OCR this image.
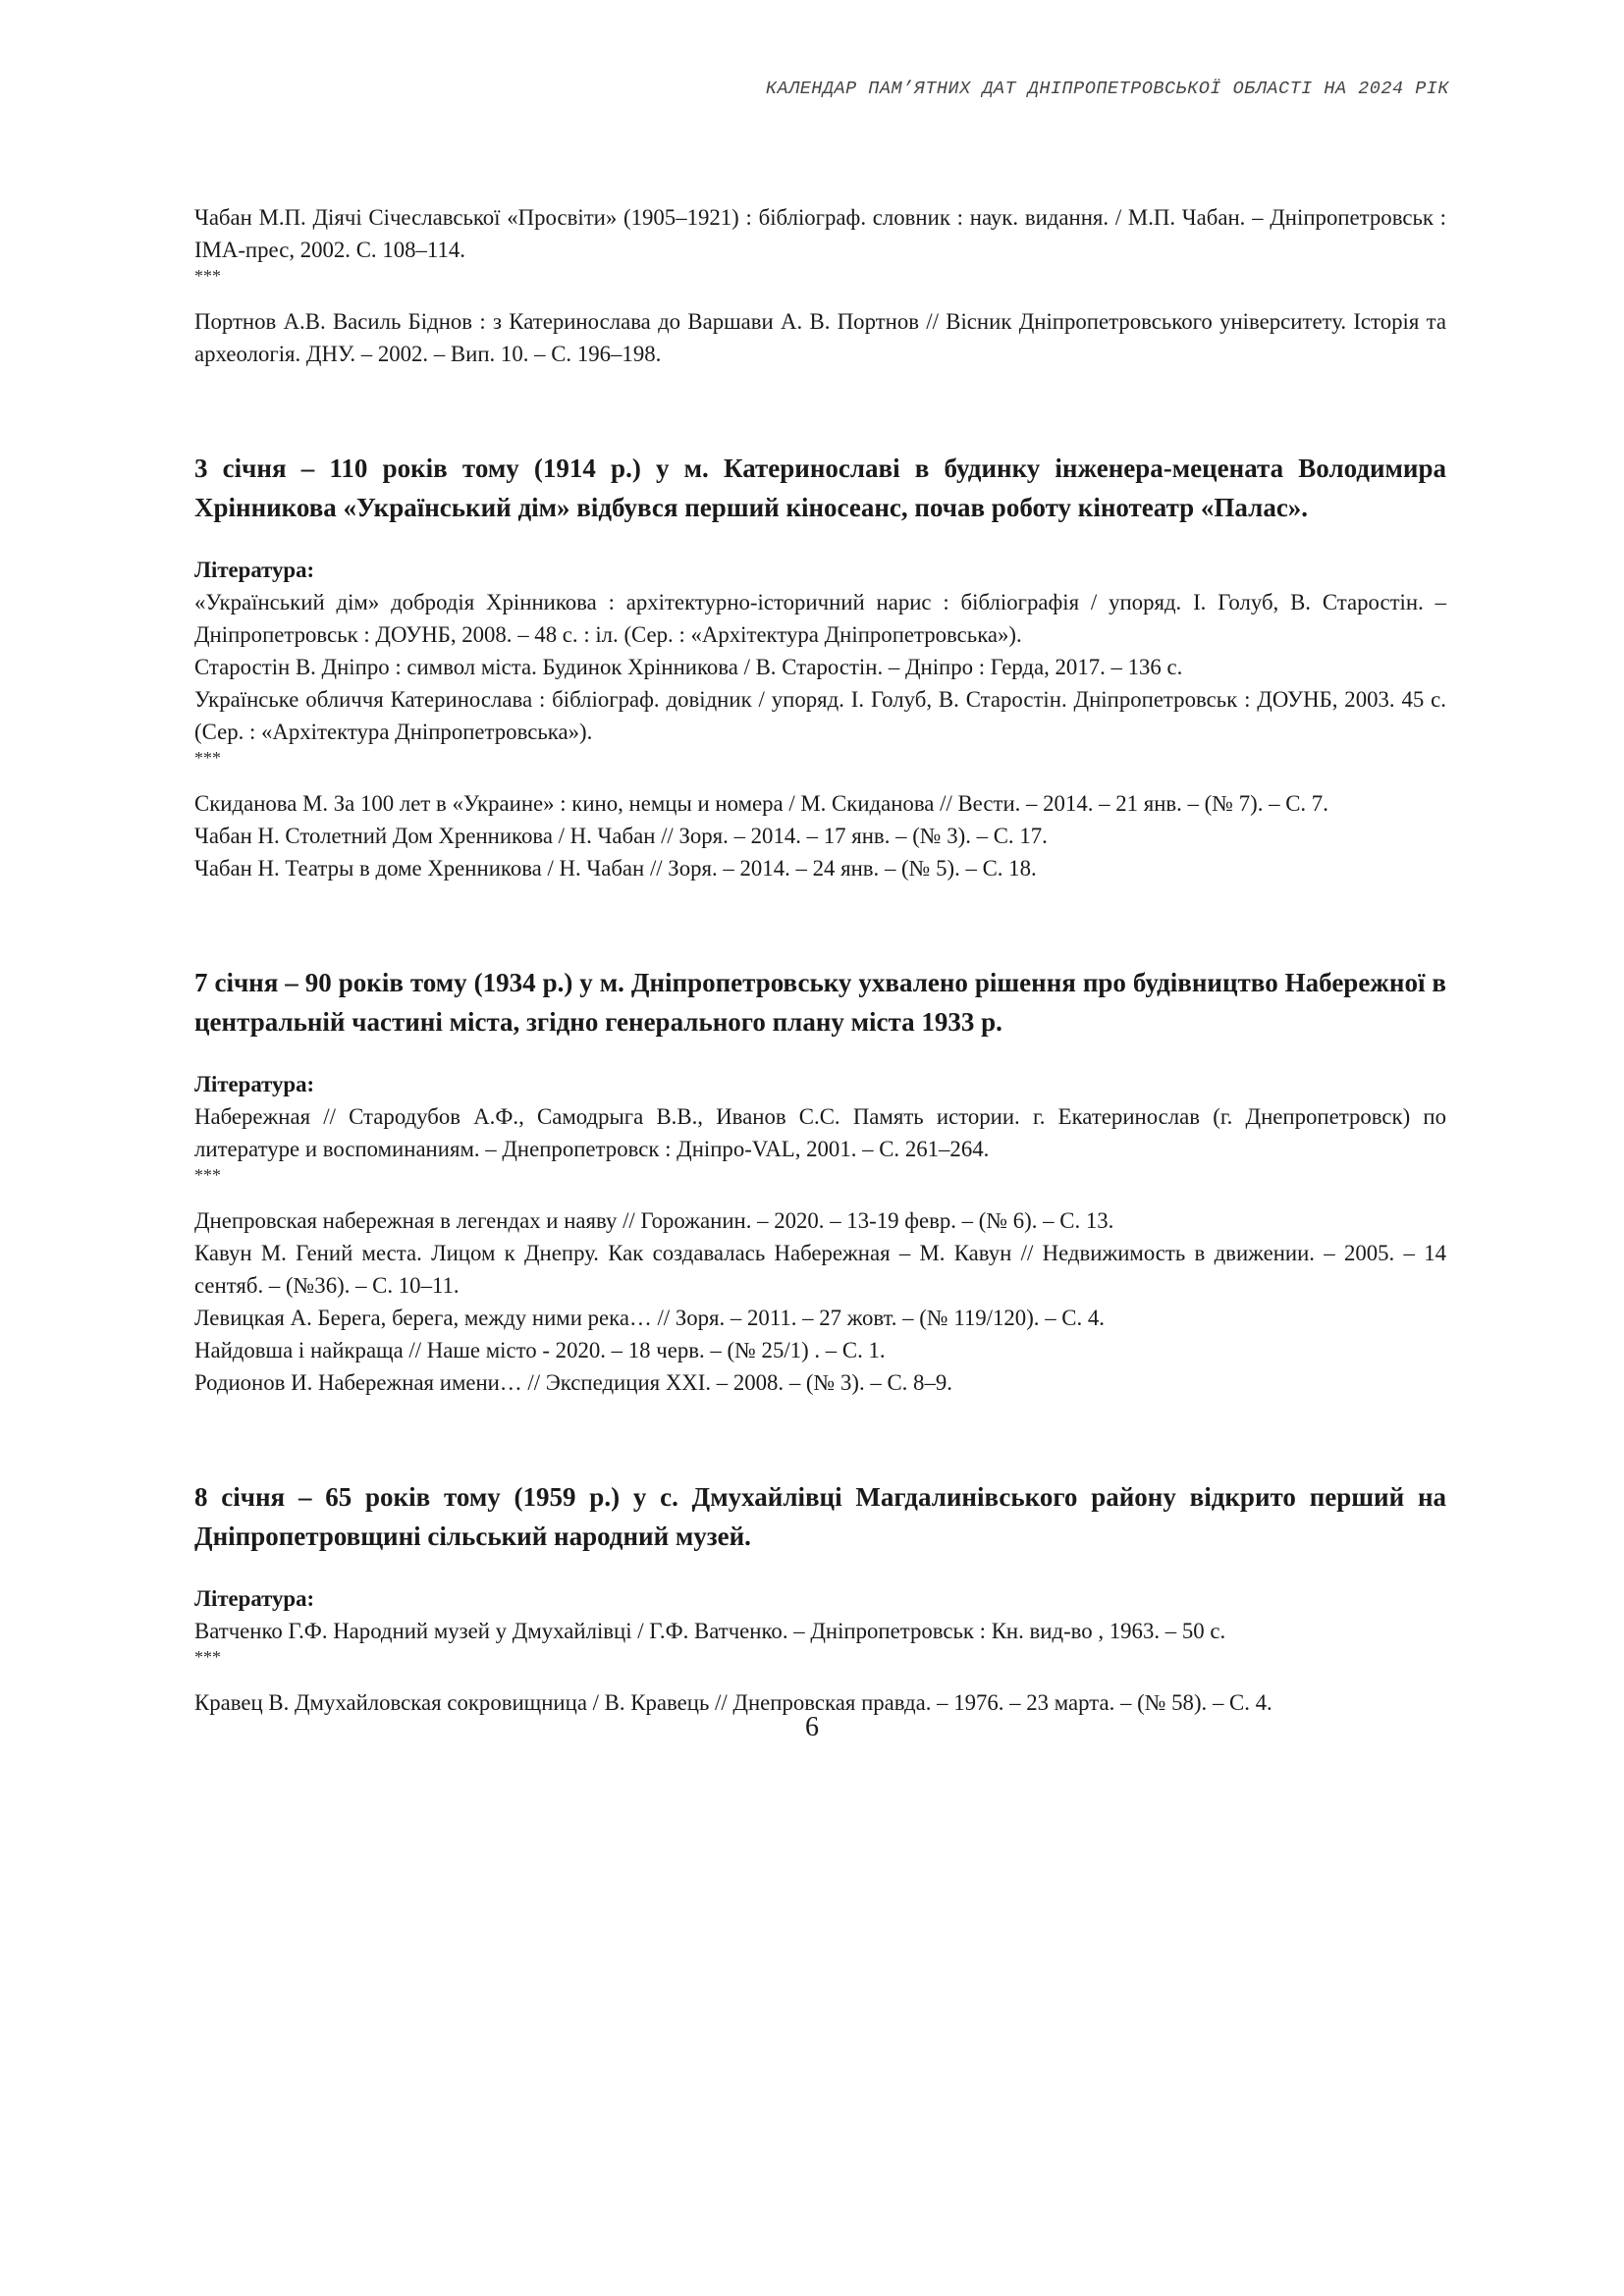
КАЛЕНДАР ПАМ’ЯТНИХ ДАТ ДНІПРОПЕТРОВСЬКОЇ ОБЛАСТІ НА 2024 РІК

Чабан М.П. Діячі Січеславської «Просвіти» (1905–1921) : бібліограф. словник : наук. видання. / М.П. Чабан. – Дніпропетровськ : ІМА-прес, 2002. С. 108–114.

***

Портнов А.В. Василь Біднов : з Катеринослава до Варшави А. В. Портнов // Вісник Дніпропетровського університету. Історія та археологія. ДНУ. – 2002. – Вип. 10. – С. 196–198.

3 січня – 110 років тому (1914 р.) у м. Катеринославі в будинку інженера-мецената Володимира Хрінникова «Український дім» відбувся перший кіносеанс, почав роботу кінотеатр «Палас».

Література:

«Український дім» добродія Хрінникова : архітектурно-історичний нарис : бібліографія / упоряд. І. Голуб, В. Старостін. – Дніпропетровськ : ДОУНБ, 2008. – 48 с. : іл. (Сер. : «Архітектура Дніпропетровська»).

Старостін В. Дніпро : символ міста. Будинок Хрінникова / В. Старостін. – Дніпро : Герда, 2017. – 136 с.

Українське обличчя Катеринослава : бібліограф. довідник / упоряд. І. Голуб, В. Старостін. Дніпропетровськ : ДОУНБ, 2003. 45 с. (Сер. : «Архітектура Дніпропетровська»).

***

Скиданова М. За 100 лет в «Украине» : кино, немцы и номера / М. Скиданова // Вести. – 2014. – 21 янв. – (№ 7). – С. 7.

Чабан Н. Столетний Дом Хренникова / Н. Чабан // Зоря. – 2014. – 17 янв. – (№ 3). – С. 17.

Чабан Н. Театры в доме Хренникова / Н. Чабан // Зоря. – 2014. – 24 янв. – (№ 5). – С. 18.

7 січня – 90 років тому (1934 р.) у м. Дніпропетровську ухвалено рішення про будівництво Набережної в центральній частині міста, згідно генерального плану міста 1933 р.

Література:

Набережная // Стародубов А.Ф., Самодрыга В.В., Иванов С.С. Память истории. г. Екатеринослав (г. Днепропетровск) по литературе и воспоминаниям. – Днепропетровск : Дніпро-VAL, 2001. – С. 261–264.

***

Днепровская набережная в легендах и наяву // Горожанин. – 2020. – 13-19 февр. – (№ 6). – С. 13.

Кавун М. Гений места. Лицом к Днепру. Как создавалась Набережная – М. Кавун // Недвижимость в движении. – 2005. – 14 сентяб. – (№36). – С. 10–11.

Левицкая А. Берега, берега, между ними река… // Зоря. – 2011. – 27 жовт. – (№ 119/120). – С. 4.

Найдовша і найкраща // Наше місто - 2020. – 18 черв. – (№ 25/1) . – С. 1.

Родионов И. Набережная имени… // Экспедиция XXI. – 2008. – (№ 3). – С. 8–9.

8 січня – 65 років тому (1959 р.) у с. Дмухайлівці Магдалинівського району відкрито перший на Дніпропетровщині сільський народний музей.

Література:

Ватченко Г.Ф. Народний музей у Дмухайлівці / Г.Ф. Ватченко. – Дніпропетровськ : Кн. вид-во , 1963. – 50 с.

***

Кравец В. Дмухайловская сокровищница / В. Кравець // Днепровская правда. – 1976. – 23 марта. – (№ 58). – С. 4.

6
